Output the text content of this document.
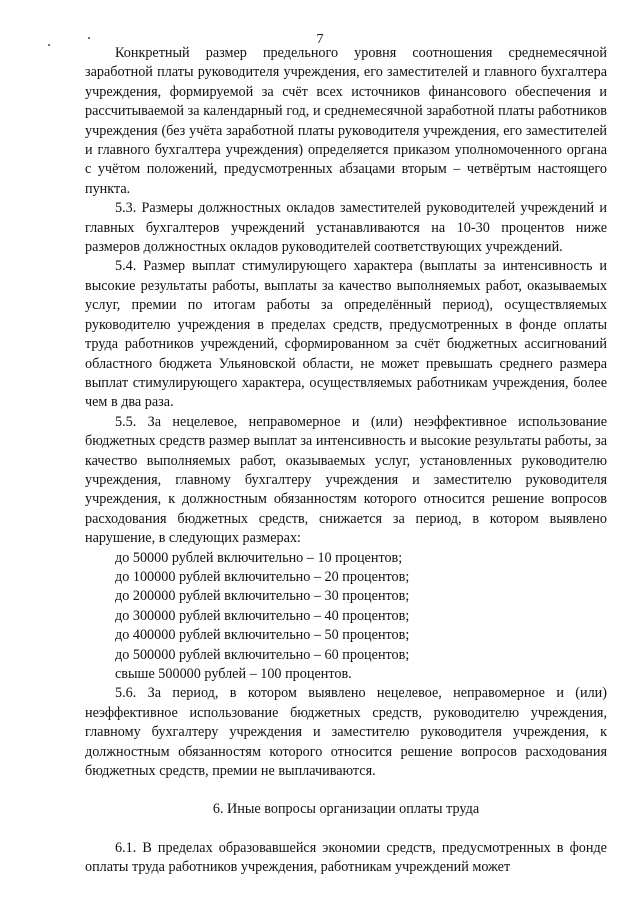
7

Конкретный размер предельного уровня соотношения среднемесячной заработной платы руководителя учреждения, его заместителей и главного бухгалтера учреждения, формируемой за счёт всех источников финансового обеспечения и рассчитываемой за календарный год, и среднемесячной заработной платы работников учреждения (без учёта заработной платы руководителя учреждения, его заместителей и главного бухгалтера учреждения) определяется приказом уполномоченного органа с учётом положений, предусмотренных абзацами вторым – четвёртым настоящего пункта.

5.3. Размеры должностных окладов заместителей руководителей учреждений и главных бухгалтеров учреждений устанавливаются на 10-30 процентов ниже размеров должностных окладов руководителей соответствующих учреждений.

5.4. Размер выплат стимулирующего характера (выплаты за интенсивность и высокие результаты работы, выплаты за качество выполняемых работ, оказываемых услуг, премии по итогам работы за определённый период), осуществляемых руководителю учреждения в пределах средств, предусмотренных в фонде оплаты труда работников учреждений, сформированном за счёт бюджетных ассигнований областного бюджета Ульяновской области, не может превышать среднего размера выплат стимулирующего характера, осуществляемых работникам учреждения, более чем в два раза.

5.5. За нецелевое, неправомерное и (или) неэффективное использование бюджетных средств размер выплат за интенсивность и высокие результаты работы, за качество выполняемых работ, оказываемых услуг, установленных руководителю учреждения, главному бухгалтеру учреждения и заместителю руководителя учреждения, к должностным обязанностям которого относится решение вопросов расходования бюджетных средств, снижается за период, в котором выявлено нарушение, в следующих размерах:

до 50000 рублей включительно – 10 процентов;
до 100000 рублей включительно – 20 процентов;
до 200000 рублей включительно – 30 процентов;
до 300000 рублей включительно – 40 процентов;
до 400000 рублей включительно – 50 процентов;
до 500000 рублей включительно – 60 процентов;
свыше 500000 рублей – 100 процентов.

5.6. За период, в котором выявлено нецелевое, неправомерное и (или) неэффективное использование бюджетных средств, руководителю учреждения, главному бухгалтеру учреждения и заместителю руководителя учреждения, к должностным обязанностям которого относится решение вопросов расходования бюджетных средств, премии не выплачиваются.

6. Иные вопросы организации оплаты труда

6.1. В пределах образовавшейся экономии средств, предусмотренных в фонде оплаты труда работников учреждения, работникам учреждений может
